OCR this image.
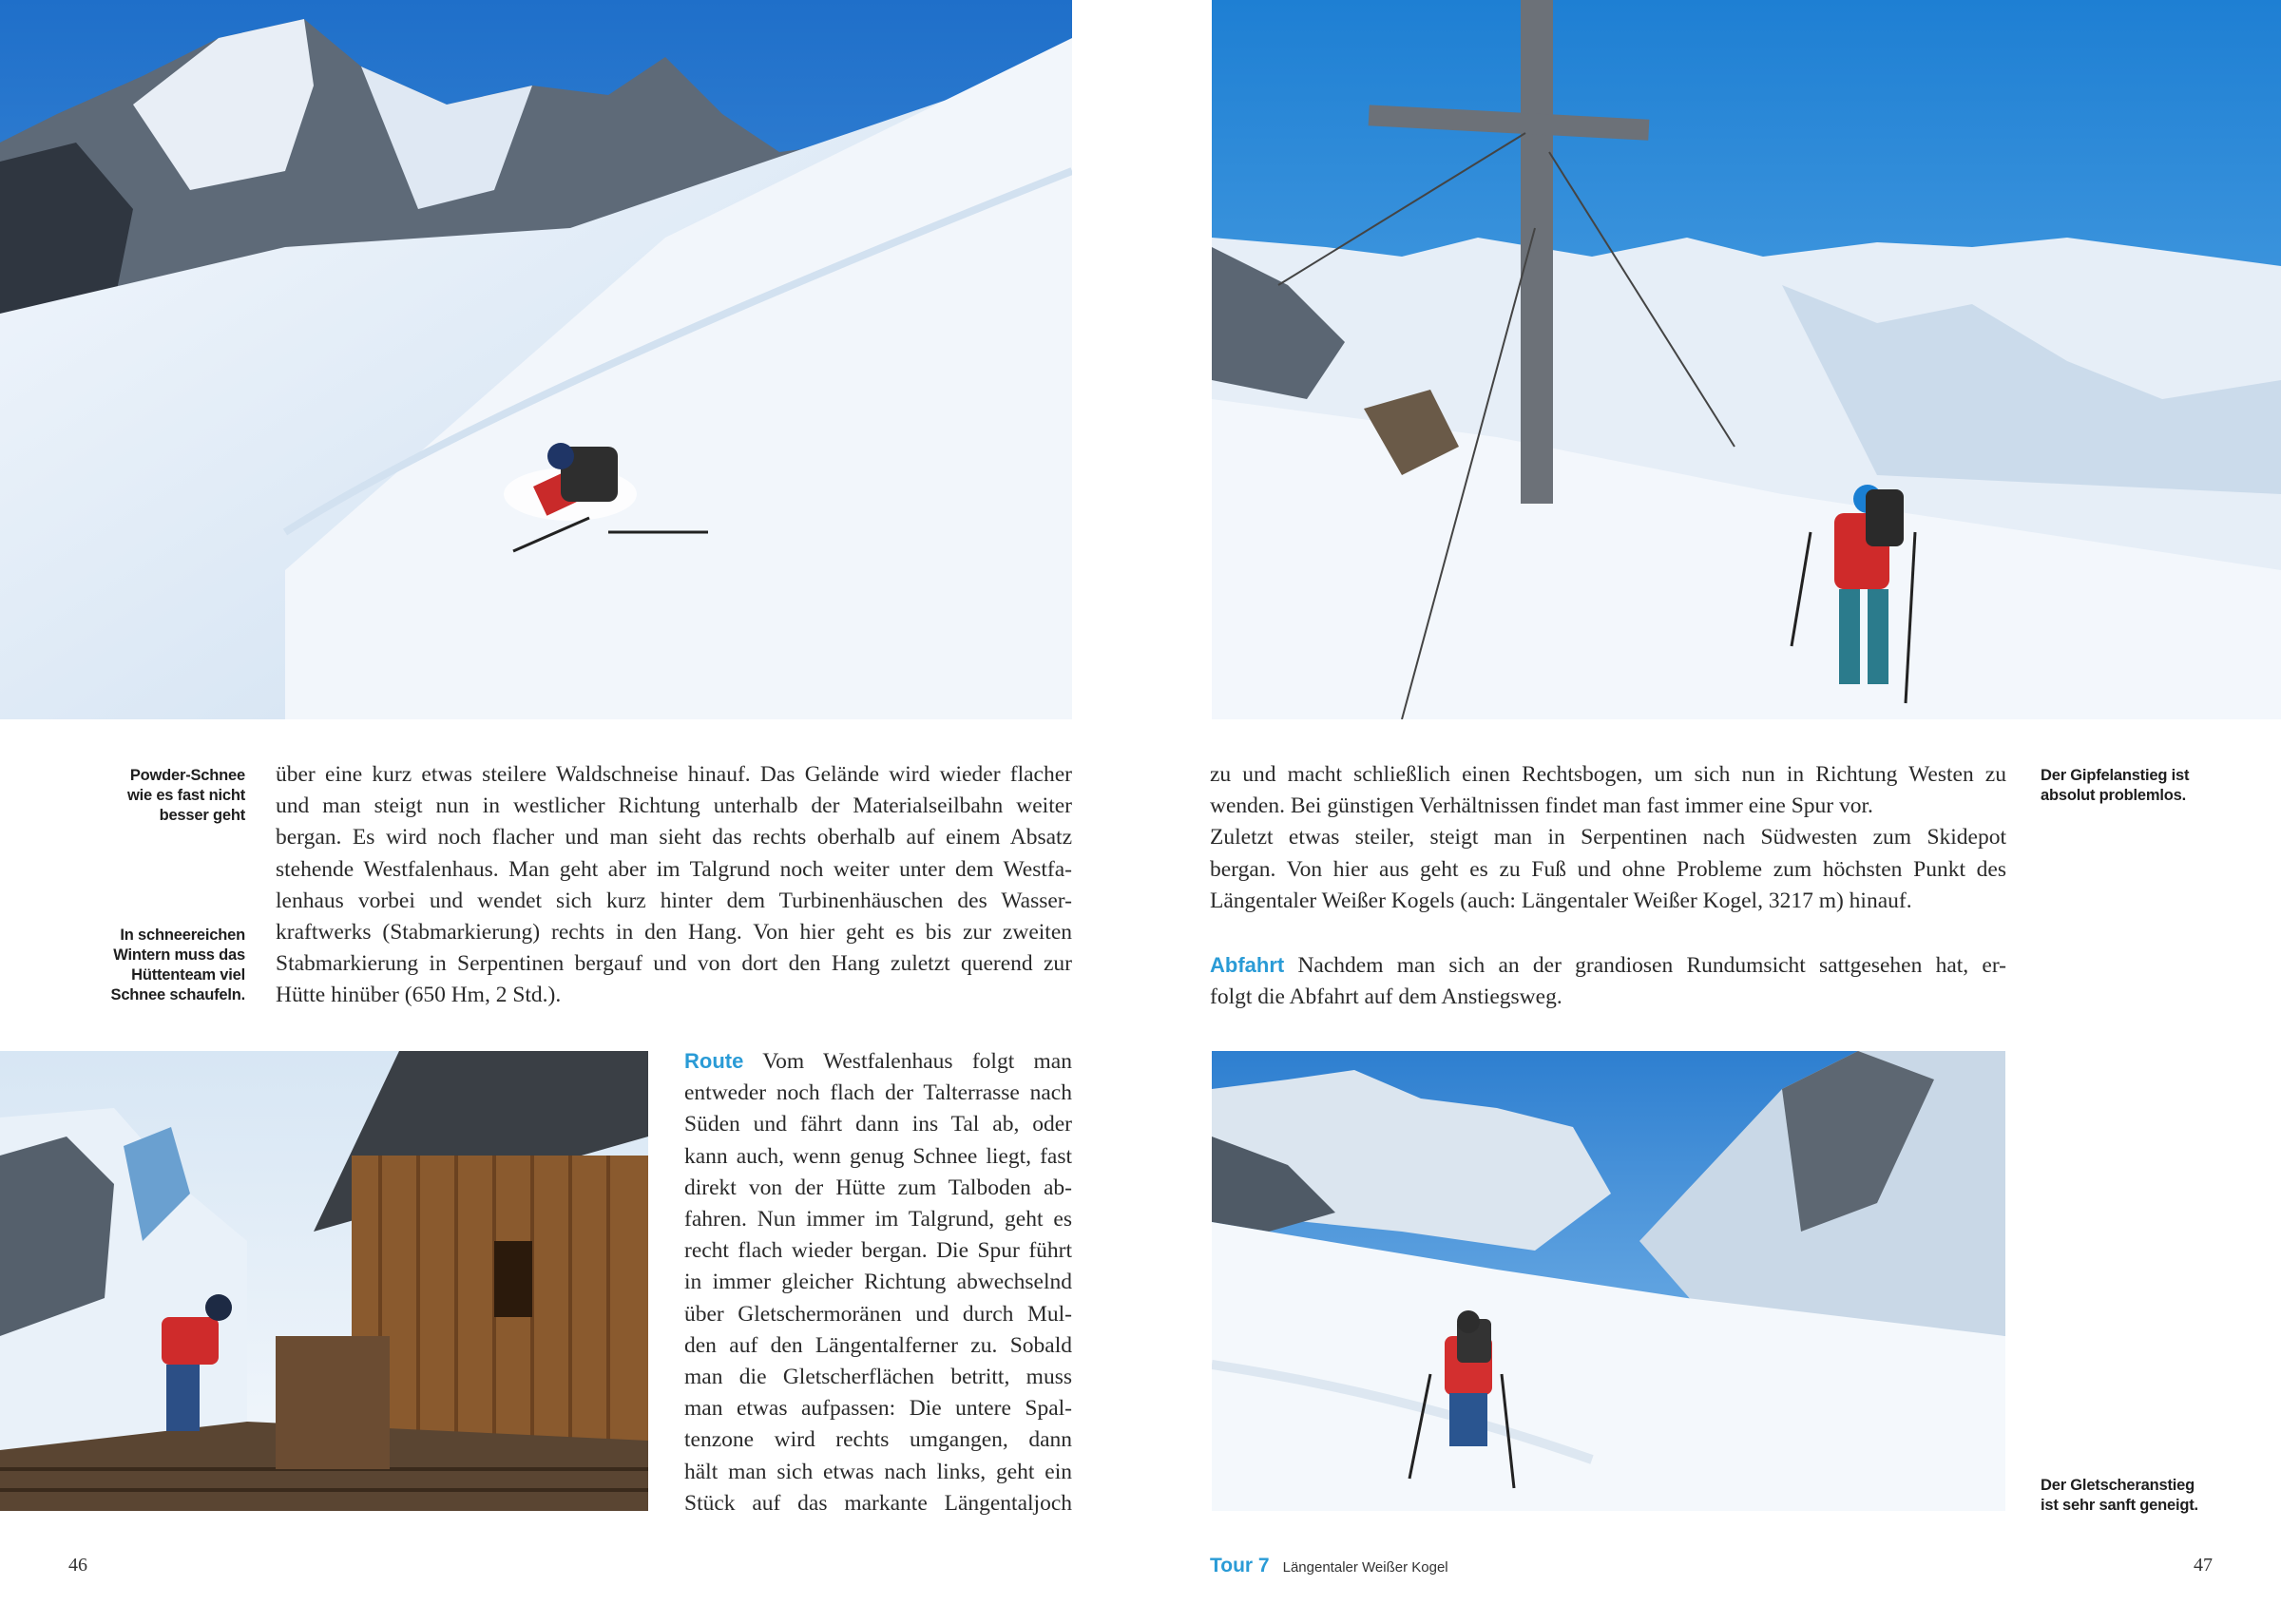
Powder-Schnee
wie es fast nicht
besser geht
In schneereichen
Wintern muss das
Hüttenteam viel
Schnee schaufeln.
über eine kurz etwas steilere Waldschneise hinauf. Das Gelände wird wieder flacher
und man steigt nun in westlicher Richtung unterhalb der Materialseilbahn weiter
bergan. Es wird noch flacher und man sieht das rechts oberhalb auf einem Absatz
stehende Westfalenhaus. Man geht aber im Talgrund noch weiter unter dem Westfa-
lenhaus vorbei und wendet sich kurz hinter dem Turbinenhäuschen des Wasser-
kraftwerks (Stabmarkierung) rechts in den Hang. Von hier geht es bis zur zweiten
Stabmarkierung in Serpentinen bergauf und von dort den Hang zuletzt querend zur
Hütte hinüber (650 Hm, 2 Std.).
Route Vom Westfalenhaus folgt man
entweder noch flach der Talterrasse nach
Süden und fährt dann ins Tal ab, oder
kann auch, wenn genug Schnee liegt, fast
direkt von der Hütte zum Talboden ab-
fahren. Nun immer im Talgrund, geht es
recht flach wieder bergan. Die Spur führt
in immer gleicher Richtung abwechselnd
über Gletschermoränen und durch Mul-
den auf den Längentalferner zu. Sobald
man die Gletscherflächen betritt, muss
man etwas aufpassen: Die untere Spal-
tenzone wird rechts umgangen, dann
hält man sich etwas nach links, geht ein
Stück auf das markante Längentaljoch
46
zu und macht schließlich einen Rechtsbogen, um sich nun in Richtung Westen zu
wenden. Bei günstigen Verhältnissen findet man fast immer eine Spur vor.
Zuletzt etwas steiler, steigt man in Serpentinen nach Südwesten zum Skidepot
bergan. Von hier aus geht es zu Fuß und ohne Probleme zum höchsten Punkt des
Längentaler Weißer Kogels (auch: Längentaler Weißer Kogel, 3217 m) hinauf.
Abfahrt Nachdem man sich an der grandiosen Rundumsicht sattgesehen hat, er-
folgt die Abfahrt auf dem Anstiegsweg.
Der Gipfelanstieg ist
absolut problemlos.
Der Gletscheranstieg
ist sehr sanft geneigt.
Tour 7 Längentaler Weißer Kogel	47
